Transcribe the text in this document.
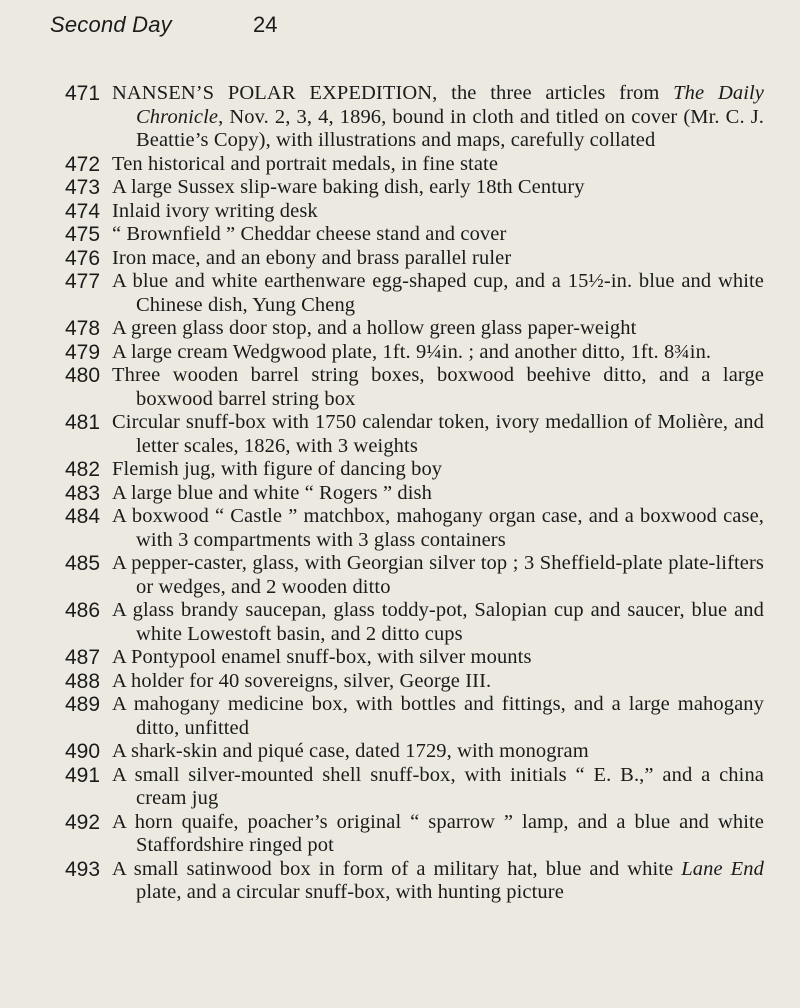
Second Day	24
471 NANSEN’S POLAR EXPEDITION, the three articles from The Daily Chronicle, Nov. 2, 3, 4, 1896, bound in cloth and titled on cover (Mr. C. J. Beattie’s Copy), with illustrations and maps, carefully collated
472 Ten historical and portrait medals, in fine state
473 A large Sussex slip-ware baking dish, early 18th Century
474 Inlaid ivory writing desk
475 “ Brownfield ” Cheddar cheese stand and cover
476 Iron mace, and an ebony and brass parallel ruler
477 A blue and white earthenware egg-shaped cup, and a 15½-in. blue and white Chinese dish, Yung Cheng
478 A green glass door stop, and a hollow green glass paper-weight
479 A large cream Wedgwood plate, 1ft. 9¼in. ; and another ditto, 1ft. 8¾in.
480 Three wooden barrel string boxes, boxwood beehive ditto, and a large boxwood barrel string box
481 Circular snuff-box with 1750 calendar token, ivory medallion of Molière, and letter scales, 1826, with 3 weights
482 Flemish jug, with figure of dancing boy
483 A large blue and white “ Rogers ” dish
484 A boxwood “ Castle ” matchbox, mahogany organ case, and a boxwood case, with 3 compartments with 3 glass containers
485 A pepper-caster, glass, with Georgian silver top ; 3 Sheffield-plate plate-lifters or wedges, and 2 wooden ditto
486 A glass brandy saucepan, glass toddy-pot, Salopian cup and saucer, blue and white Lowestoft basin, and 2 ditto cups
487 A Pontypool enamel snuff-box, with silver mounts
488 A holder for 40 sovereigns, silver, George III.
489 A mahogany medicine box, with bottles and fittings, and a large mahogany ditto, unfitted
490 A shark-skin and piqué case, dated 1729, with monogram
491 A small silver-mounted shell snuff-box, with initials “ E. B.,” and a china cream jug
492 A horn quaife, poacher’s original “ sparrow ” lamp, and a blue and white Staffordshire ringed pot
493 A small satinwood box in form of a military hat, blue and white Lane End plate, and a circular snuff-box, with hunting picture
